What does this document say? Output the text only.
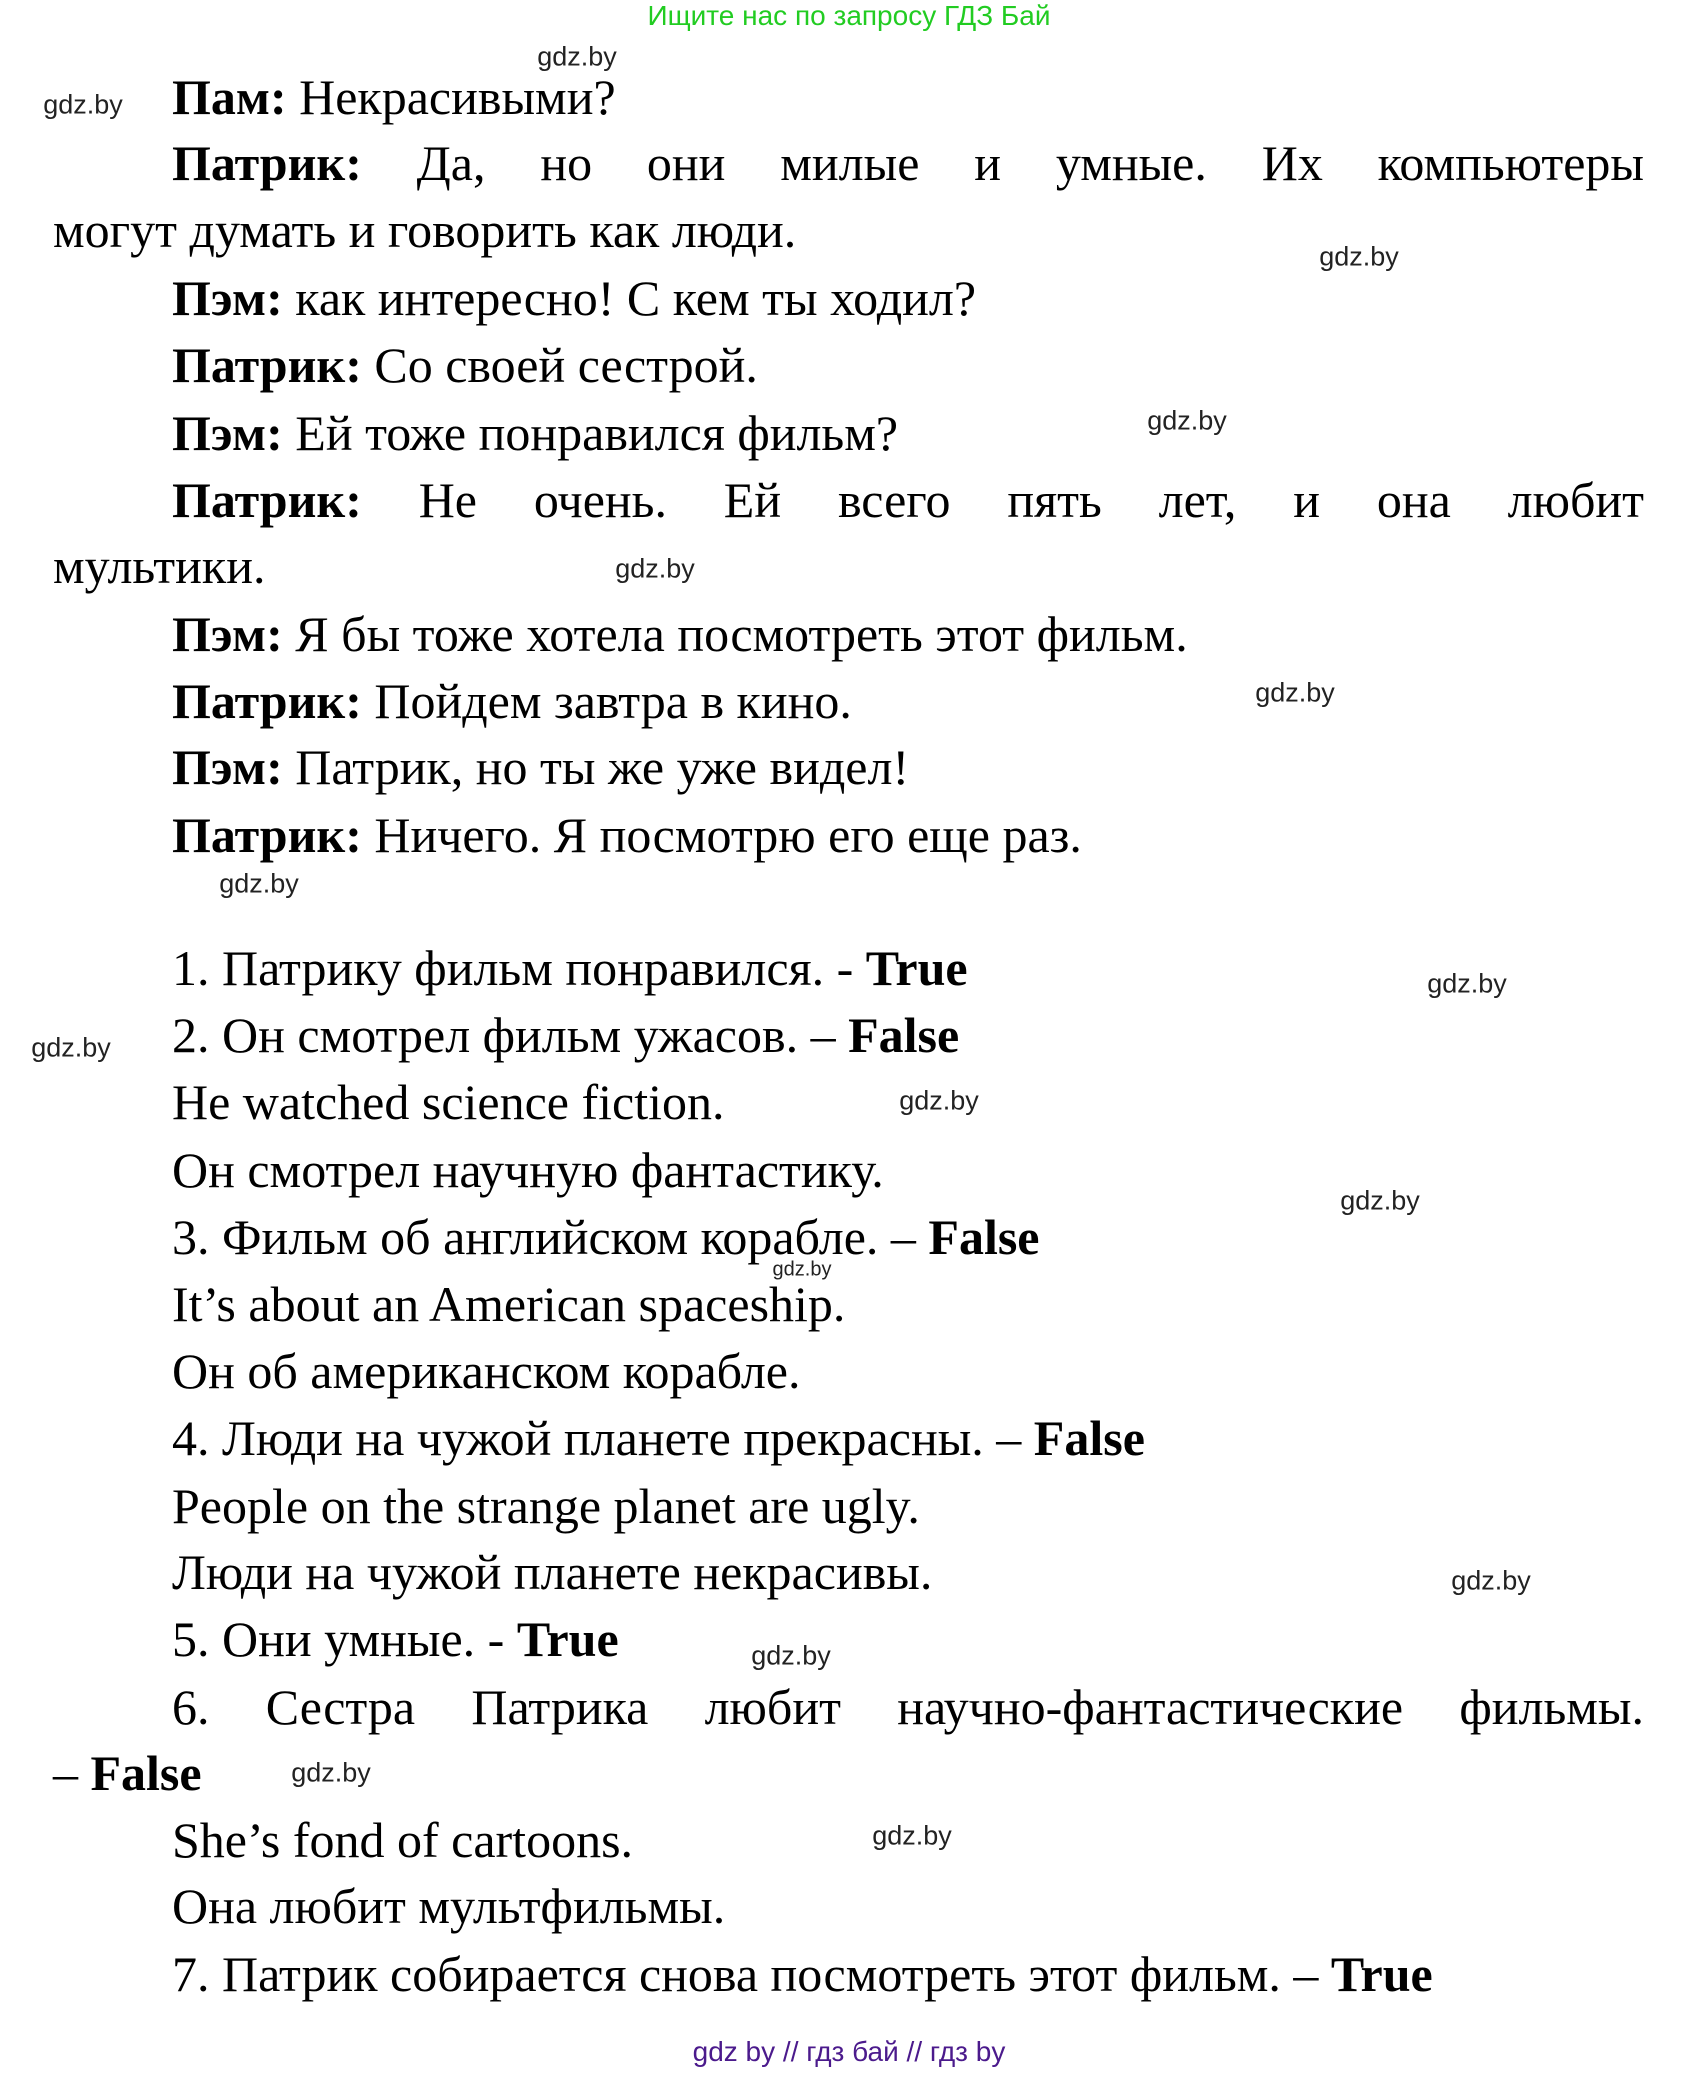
Ищите нас по запросу ГДЗ Бай
Пам: Некрасивыми?
Патрик: Да, но они милые и умные. Их компьютеры
могут думать и говорить как люди.
Пэм: как интересно! С кем ты ходил?
Патрик: Со своей сестрой.
Пэм: Ей тоже понравился фильм?
Патрик: Не очень. Ей всего пять лет, и она любит
мультики.
Пэм: Я бы тоже хотела посмотреть этот фильм.
Патрик: Пойдем завтра в кино.
Пэм: Патрик, но ты же уже видел!
Патрик: Ничего. Я посмотрю его еще раз.
1. Патрику фильм понравился. - True
2. Он смотрел фильм ужасов. – False
He watched science fiction.
Он смотрел научную фантастику.
3. Фильм об английском корабле. – False
It’s about an American spaceship.
Он об американском корабле.
4. Люди на чужой планете прекрасны. – False
People on the strange planet are ugly.
Люди на чужой планете некрасивы.
5. Они умные. - True
6. Сестра Патрика любит научно-фантастические фильмы.
– False
She’s fond of cartoons.
Она любит мультфильмы.
7. Патрик собирается снова посмотреть этот фильм. – True
gdz.by
gdz.by
gdz.by
gdz.by
gdz.by
gdz.by
gdz.by
gdz.by
gdz.by
gdz.by
gdz.by
gdz.by
gdz.by
gdz.by
gdz.by
gdz.by
gdz by // гдз бай // гдз by
